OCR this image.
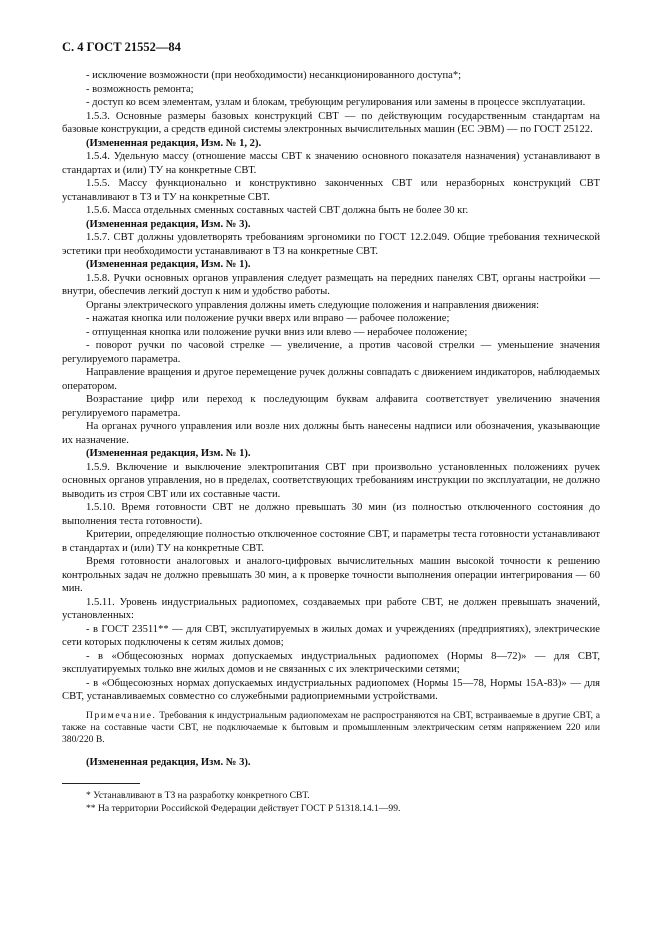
С. 4 ГОСТ 21552—84

- исключение возможности (при необходимости) несанкционированного доступа*;

- возможность ремонта;

- доступ ко всем элементам, узлам и блокам, требующим регулирования или замены в процессе эксплуатации.

1.5.3. Основные размеры базовых конструкций СВТ — по действующим государственным стандартам на базовые конструкции, а средств единой системы электронных вычислительных машин (ЕС ЭВМ) — по ГОСТ 25122.

(Измененная редакция, Изм. № 1, 2).

1.5.4. Удельную массу (отношение массы СВТ к значению основного показателя назначения) устанавливают в стандартах и (или) ТУ на конкретные СВТ.

1.5.5. Массу функционально и конструктивно законченных СВТ или неразборных конструкций СВТ устанавливают в ТЗ и ТУ на конкретные СВТ.

1.5.6. Масса отдельных сменных составных частей СВТ должна быть не более 30 кг.

(Измененная редакция, Изм. № 3).

1.5.7. СВТ должны удовлетворять требованиям эргономики по ГОСТ 12.2.049. Общие требования технической эстетики при необходимости устанавливают в ТЗ на конкретные СВТ.

(Измененная редакция, Изм. № 1).

1.5.8. Ручки основных органов управления следует размещать на передних панелях СВТ, органы настройки — внутри, обеспечив легкий доступ к ним и удобство работы.

Органы электрического управления должны иметь следующие положения и направления движения:

- нажатая кнопка или положение ручки вверх или вправо — рабочее положение;

- отпущенная кнопка или положение ручки вниз или влево — нерабочее положение;

- поворот ручки по часовой стрелке — увеличение, а против часовой стрелки — уменьшение значения регулируемого параметра.

Направление вращения и другое перемещение ручек должны совпадать с движением индикаторов, наблюдаемых оператором.

Возрастание цифр или переход к последующим буквам алфавита соответствует увеличению значения регулируемого параметра.

На органах ручного управления или возле них должны быть нанесены надписи или обозначения, указывающие их назначение.

(Измененная редакция, Изм. № 1).

1.5.9. Включение и выключение электропитания СВТ при произвольно установленных положениях ручек основных органов управления, но в пределах, соответствующих требованиям инструкции по эксплуатации, не должно выводить из строя СВТ или их составные части.

1.5.10. Время готовности СВТ не должно превышать 30 мин (из полностью отключенного состояния до выполнения теста готовности).

Критерии, определяющие полностью отключенное состояние СВТ, и параметры теста готовности устанавливают в стандартах и (или) ТУ на конкретные СВТ.

Время готовности аналоговых и аналого-цифровых вычислительных машин высокой точности к решению контрольных задач не должно превышать 30 мин, а к проверке точности выполнения операции интегрирования — 60 мин.

1.5.11. Уровень индустриальных радиопомех, создаваемых при работе СВТ, не должен превышать значений, установленных:

- в ГОСТ 23511** — для СВТ, эксплуатируемых в жилых домах и учреждениях (предприятиях), электрические сети которых подключены к сетям жилых домов;

- в «Общесоюзных нормах допускаемых индустриальных радиопомех (Нормы 8—72)» — для СВТ, эксплуатируемых только вне жилых домов и не связанных с их электрическими сетями;

- в «Общесоюзных нормах допускаемых индустриальных радиопомех (Нормы 15—78, Нормы 15А-83)» — для СВТ, устанавливаемых совместно со служебными радиоприемными устройствами.

Примечание. Требования к индустриальным радиопомехам не распространяются на СВТ, встраиваемые в другие СВТ, а также на составные части СВТ, не подключаемые к бытовым и промышленным электрическим сетям напряжением 220 или 380/220 В.

(Измененная редакция, Изм. № 3).

* Устанавливают в ТЗ на разработку конкретного СВТ.

** На территории Российской Федерации действует ГОСТ Р 51318.14.1—99.
